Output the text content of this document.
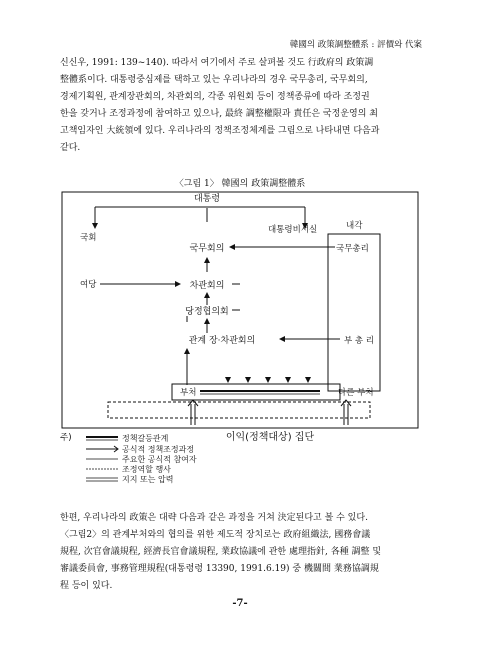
韓國의 政策調整體系 : 評價와 代案

신신우, 1991: 139~140). 따라서 여기에서 주로 살펴볼 것도 行政府의 政策調
整體系이다. 대통령중심제를 택하고 있는 우리나라의 경우 국무총리, 국무회의,
경제기획원, 관계장관회의, 차관회의, 각종 위원회 등이 정책종류에 따라 조정권
한을 갖거나 조정과정에 참여하고 있으나, 最終 調整權限과 責任은 국정운영의 최
고책임자인 大統領에 있다. 우리나라의 정책조정체계를 그림으로 나타내면 다음과
같다.

〈그림 1〉 韓國의 政策調整體系
대통령
국회
대통령비서실	내각
국무회의	국무총리
여당	차관회의
당정협의회
관계 장·차관회의	부 총 리
부처	다른 부처
이익(정책대상) 집단
주)	정책갈등관계
공식적 정책조정과정
주요한 공식적 참여자
조정역할 행사
지지 또는 압력

한편, 우리나라의 政策은 대략 다음과 같은 과정을 거쳐 決定된다고 볼 수 있다.
〈그림2〉의 관계부처와의 협의를 위한 제도적 장치로는 政府組織法, 國務會議
規程, 次官會議規程, 經濟長官會議規程, 業政協議에 관한 處理指針, 各種 調整 및
審議委員會, 事務管理規程(대통령령 13390, 1991.6.19) 중 機關間 業務協調規
程 등이 있다.

-7-
